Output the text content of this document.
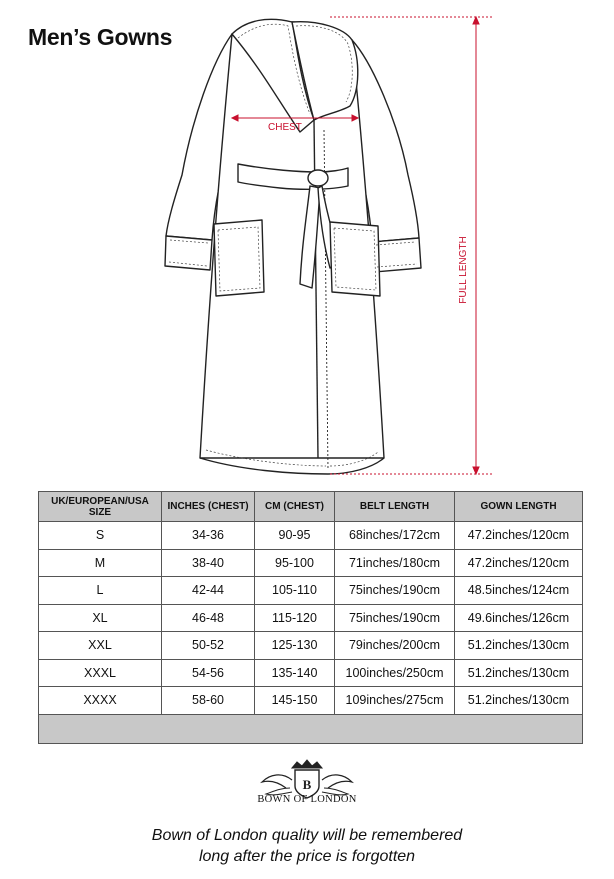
Men’s Gowns
CHEST
FULL LENGTH
UK/EUROPEAN/USA SIZE	INCHES (CHEST)	CM (CHEST)	BELT LENGTH	GOWN LENGTH
S	34-36	90-95	68inches/172cm	47.2inches/120cm
M	38-40	95-100	71inches/180cm	47.2inches/120cm
L	42-44	105-110	75inches/190cm	48.5inches/124cm
XL	46-48	115-120	75inches/190cm	49.6inches/126cm
XXL	50-52	125-130	79inches/200cm	51.2inches/130cm
XXXL	54-56	135-140	100inches/250cm	51.2inches/130cm
XXXX	58-60	145-150	109inches/275cm	51.2inches/130cm

B
BOWN OF LONDON
Bown of London quality will be remembered
long after the price is forgotten
